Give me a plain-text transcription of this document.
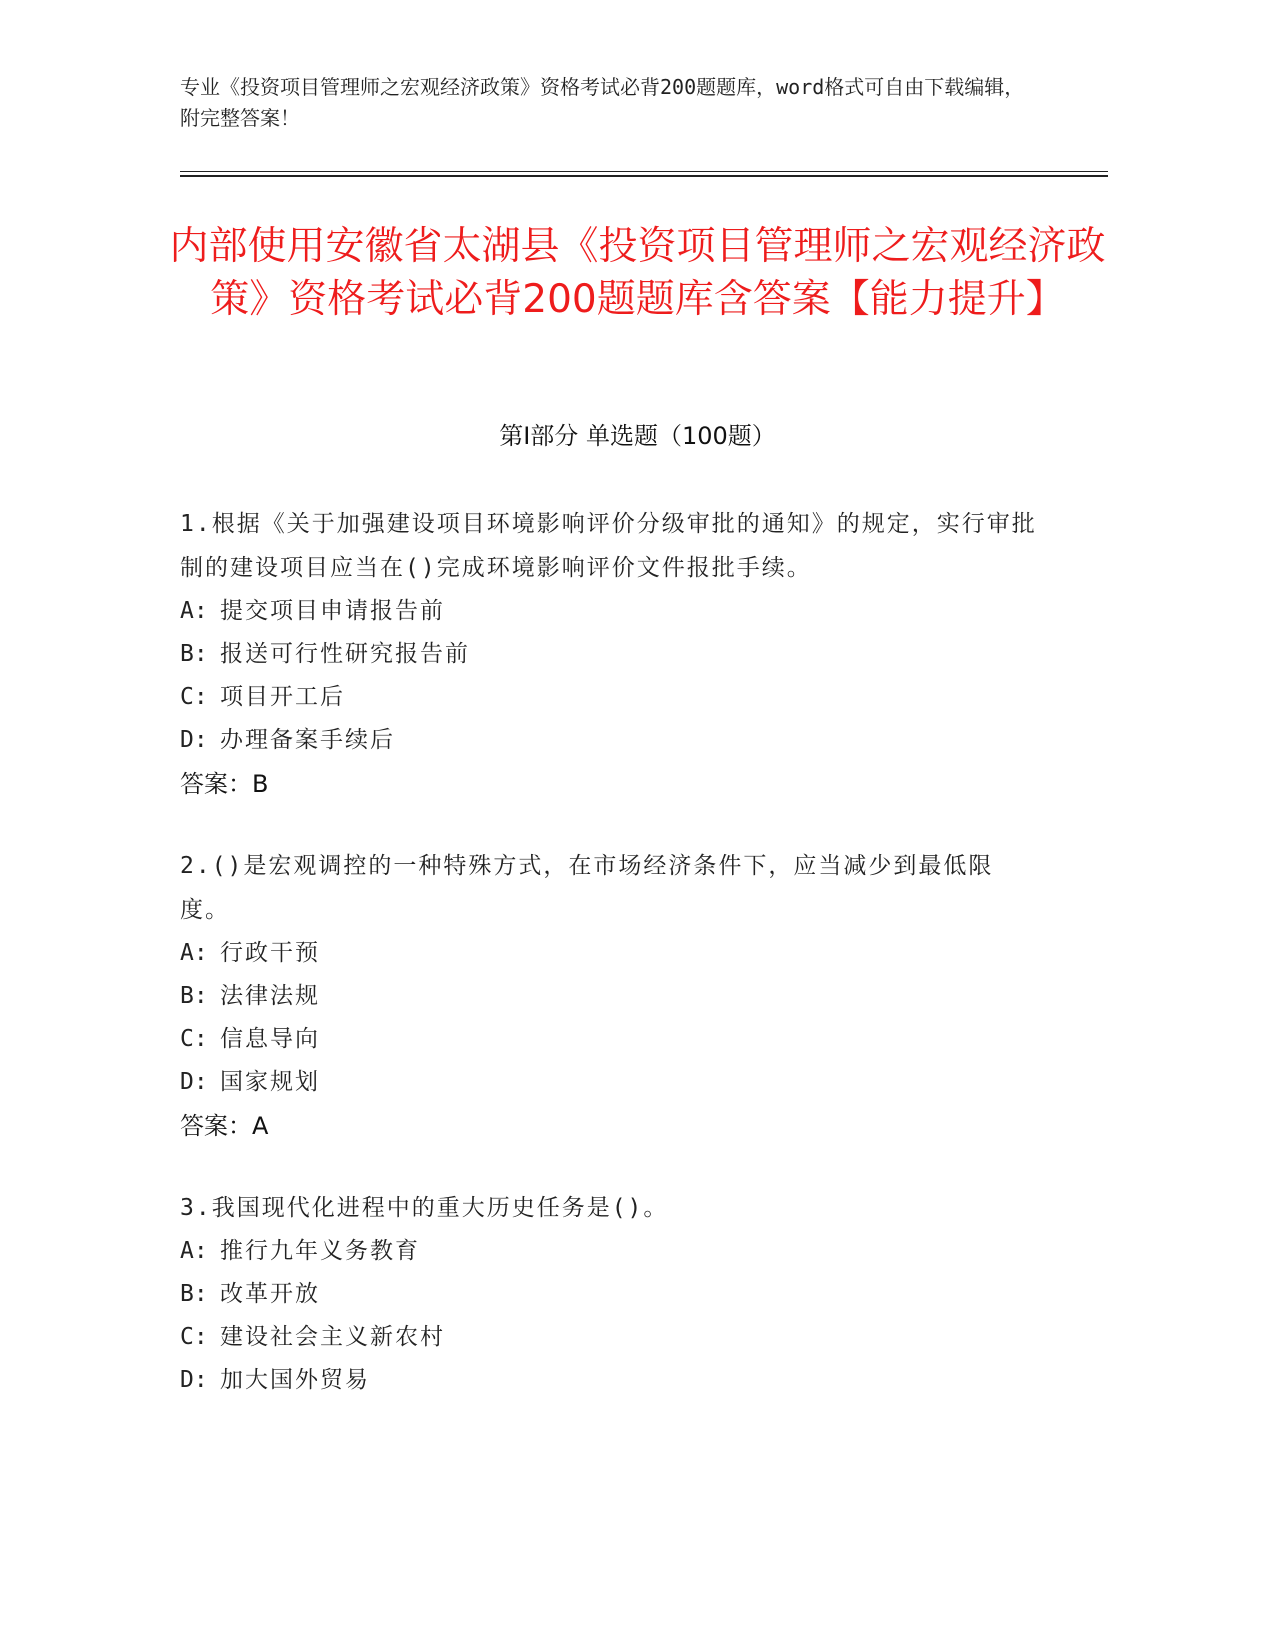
专业《投资项目管理师之宏观经济政策》资格考试必背200题题库，word格式可自由下载编辑，附完整答案！
内部使用安徽省太湖县《投资项目管理师之宏观经济政策》资格考试必背200题题库含答案【能力提升】
第Ⅰ部分 单选题（100题）
1.根据《关于加强建设项目环境影响评价分级审批的通知》的规定，实行审批制的建设项目应当在()完成环境影响评价文件报批手续。
A: 提交项目申请报告前
B: 报送可行性研究报告前
C: 项目开工后
D: 办理备案手续后
答案：B
2.()是宏观调控的一种特殊方式，在市场经济条件下，应当减少到最低限度。
A: 行政干预
B: 法律法规
C: 信息导向
D: 国家规划
答案：A
3.我国现代化进程中的重大历史任务是()。
A: 推行九年义务教育
B: 改革开放
C: 建设社会主义新农村
D: 加大国外贸易
